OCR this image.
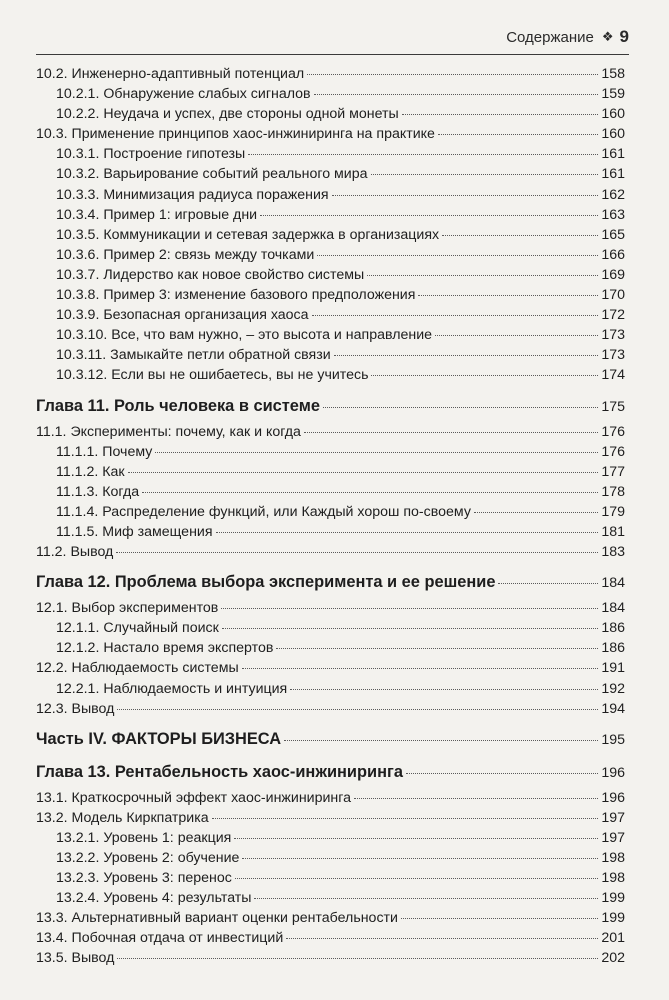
Содержание ❖ 9
10.2. Инженерно-адаптивный потенциал	158
10.2.1. Обнаружение слабых сигналов	159
10.2.2. Неудача и успех, две стороны одной монеты	160
10.3. Применение принципов хаос-инжиниринга на практике	160
10.3.1. Построение гипотезы	161
10.3.2. Варьирование событий реального мира	161
10.3.3. Минимизация радиуса поражения	162
10.3.4. Пример 1: игровые дни	163
10.3.5. Коммуникации и сетевая задержка в организациях	165
10.3.6. Пример 2: связь между точками	166
10.3.7. Лидерство как новое свойство системы	169
10.3.8. Пример 3: изменение базового предположения	170
10.3.9. Безопасная организация хаоса	172
10.3.10. Все, что вам нужно, – это высота и направление	173
10.3.11. Замыкайте петли обратной связи	173
10.3.12. Если вы не ошибаетесь, вы не учитесь	174
Глава 11. Роль человека в системе	175
11.1. Эксперименты: почему, как и когда	176
11.1.1. Почему	176
11.1.2. Как	177
11.1.3. Когда	178
11.1.4. Распределение функций, или Каждый хорош по-своему	179
11.1.5. Миф замещения	181
11.2. Вывод	183
Глава 12. Проблема выбора эксперимента и ее решение	184
12.1. Выбор экспериментов	184
12.1.1. Случайный поиск	186
12.1.2. Настало время экспертов	186
12.2. Наблюдаемость системы	191
12.2.1. Наблюдаемость и интуиция	192
12.3. Вывод	194
Часть IV. ФАКТОРЫ БИЗНЕСА	195
Глава 13. Рентабельность хаос-инжиниринга	196
13.1. Краткосрочный эффект хаос-инжиниринга	196
13.2. Модель Киркпатрика	197
13.2.1. Уровень 1: реакция	197
13.2.2. Уровень 2: обучение	198
13.2.3. Уровень 3: перенос	198
13.2.4. Уровень 4: результаты	199
13.3. Альтернативный вариант оценки рентабельности	199
13.4. Побочная отдача от инвестиций	201
13.5. Вывод	202
